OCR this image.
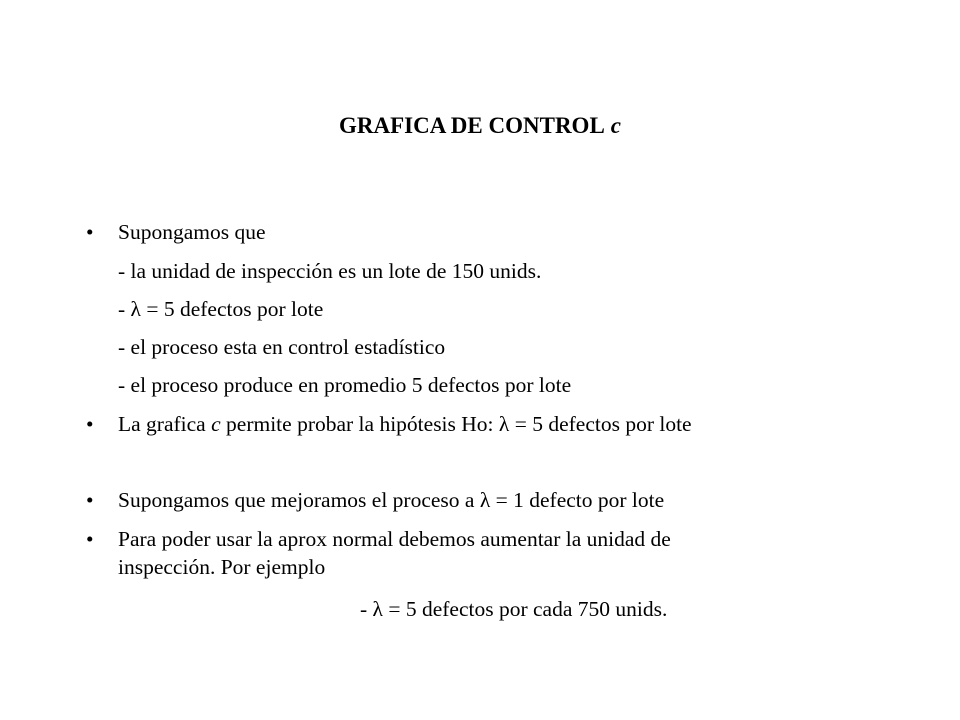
GRAFICA DE CONTROL c
• Supongamos que
- la unidad de inspección es un lote de 150 unids.
- λ = 5 defectos por lote
- el proceso esta en control estadístico
- el proceso produce en promedio 5 defectos por lote
• La grafica c permite probar la hipótesis Ho: λ = 5 defectos por lote
• Supongamos que mejoramos el proceso a λ = 1 defecto por lote
• Para poder usar la aprox normal debemos aumentar la unidad de
inspección. Por ejemplo
- λ = 5 defectos por cada 750 unids.
